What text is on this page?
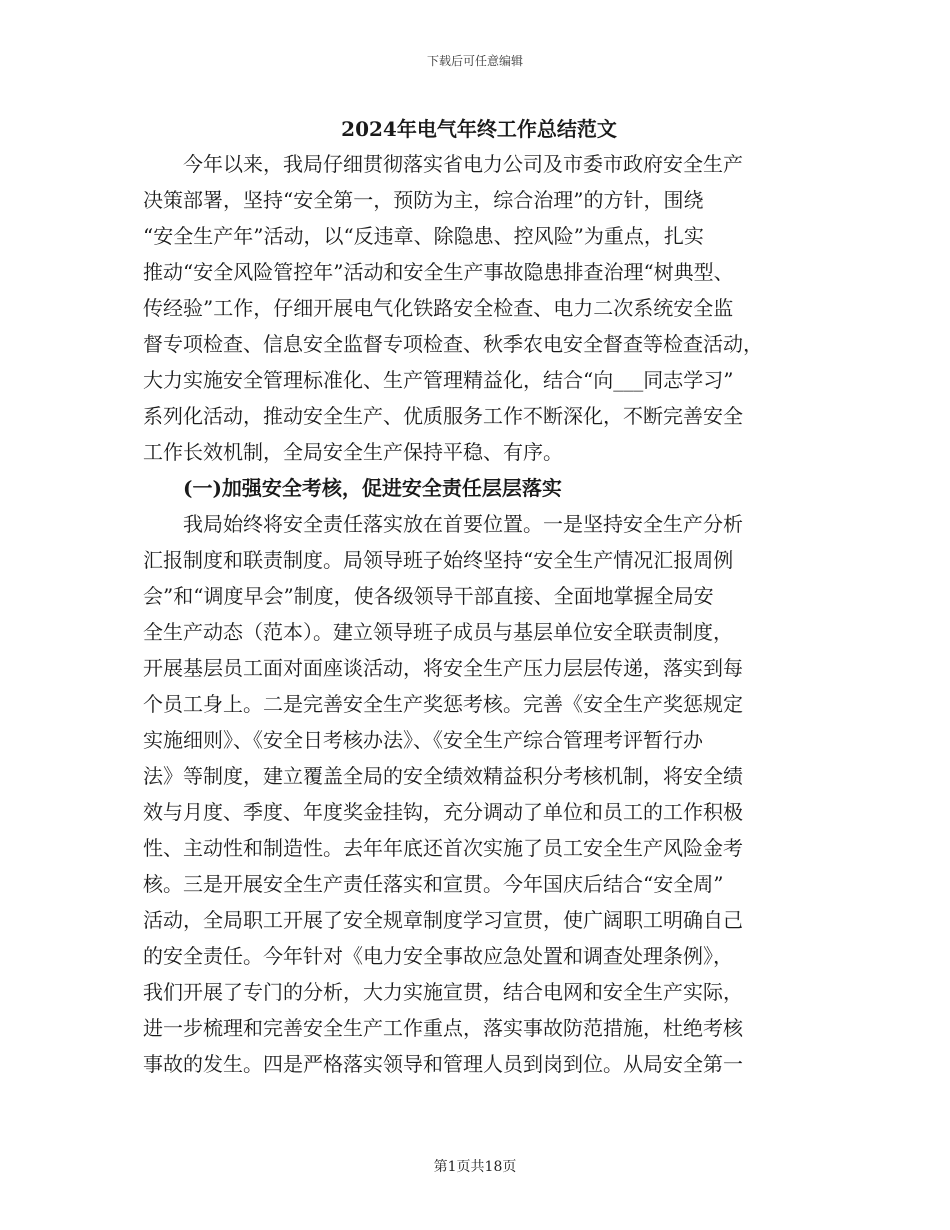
下载后可任意编辑
2024年电气年终工作总结范文
今年以来，我局仔细贯彻落实省电力公司及市委市政府安全生产
决策部署，坚持“安全第一，预防为主，综合治理”的方针，围绕
“安全生产年”活动，以“反违章、除隐患、控风险”为重点，扎实
推动“安全风险管控年”活动和安全生产事故隐患排查治理“树典型、
传经验”工作，仔细开展电气化铁路安全检查、电力二次系统安全监
督专项检查、信息安全监督专项检查、秋季农电安全督查等检查活动，
大力实施安全管理标准化、生产管理精益化，结合“向___同志学习”
系列化活动，推动安全生产、优质服务工作不断深化，不断完善安全
工作长效机制，全局安全生产保持平稳、有序。
(一)加强安全考核，促进安全责任层层落实
我局始终将安全责任落实放在首要位置。一是坚持安全生产分析
汇报制度和联责制度。局领导班子始终坚持“安全生产情况汇报周例
会”和“调度早会”制度，使各级领导干部直接、全面地掌握全局安
全生产动态（范本）。建立领导班子成员与基层单位安全联责制度，
开展基层员工面对面座谈活动，将安全生产压力层层传递，落实到每
个员工身上。二是完善安全生产奖惩考核。完善《安全生产奖惩规定
实施细则》、《安全日考核办法》、《安全生产综合管理考评暂行办
法》等制度，建立覆盖全局的安全绩效精益积分考核机制，将安全绩
效与月度、季度、年度奖金挂钩，充分调动了单位和员工的工作积极
性、主动性和制造性。去年年底还首次实施了员工安全生产风险金考
核。三是开展安全生产责任落实和宣贯。今年国庆后结合“安全周”
活动，全局职工开展了安全规章制度学习宣贯，使广阔职工明确自己
的安全责任。今年针对《电力安全事故应急处置和调查处理条例》，
我们开展了专门的分析，大力实施宣贯，结合电网和安全生产实际，
进一步梳理和完善安全生产工作重点，落实事故防范措施，杜绝考核
事故的发生。四是严格落实领导和管理人员到岗到位。从局安全第一
第1页共18页
